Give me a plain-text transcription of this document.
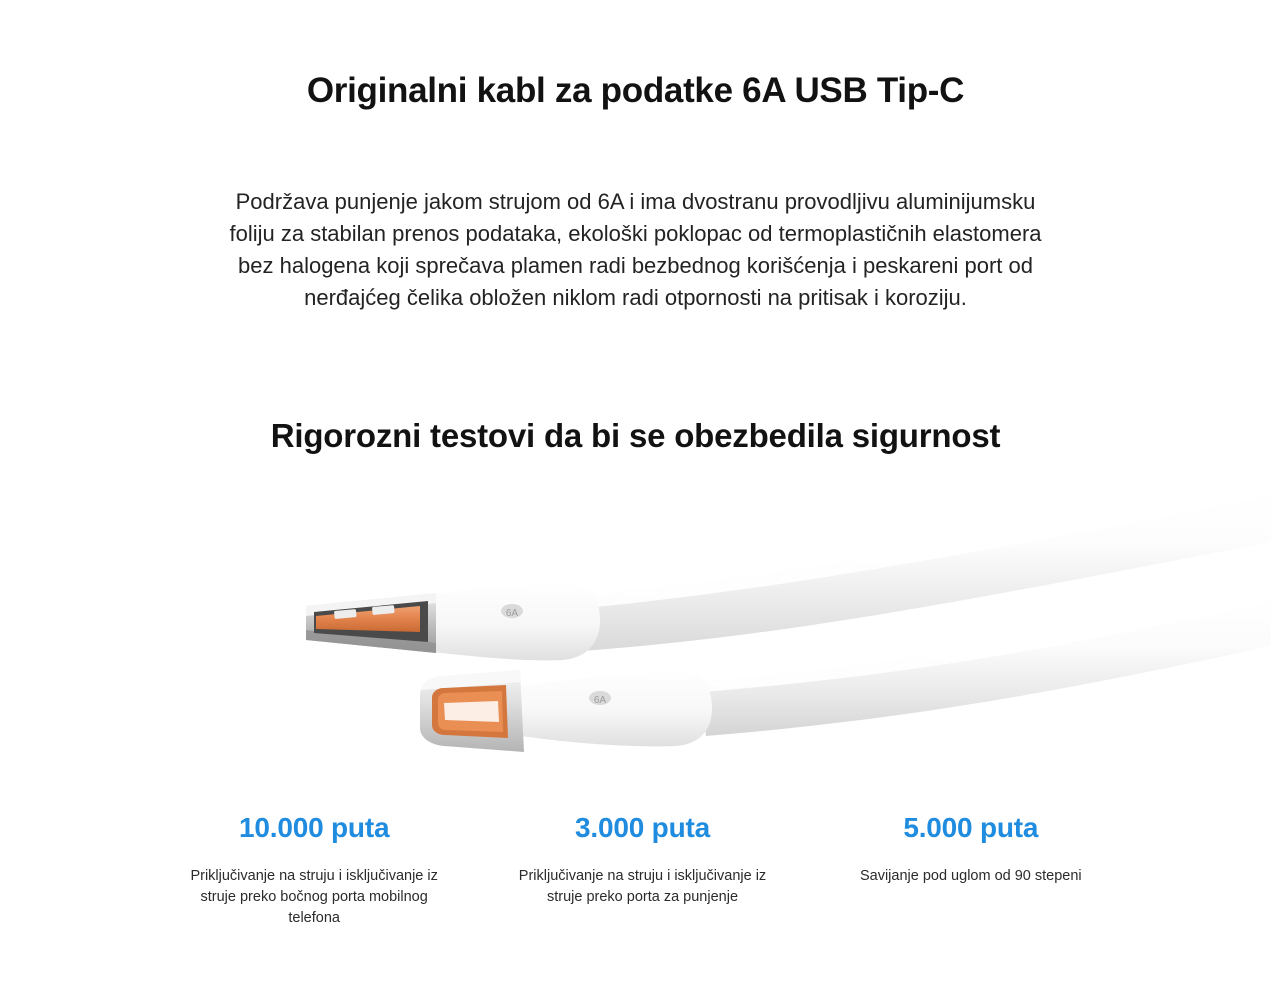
Originalni kabl za podatke 6A USB Tip-C

Podržava punjenje jakom strujom od 6A i ima dvostranu provodljivu aluminijumsku foliju za stabilan prenos podataka, ekološki poklopac od termoplastičnih elastomera bez halogena koji sprečava plamen radi bezbednog korišćenja i peskareni port od nerđajćeg čelika obložen niklom radi otpornosti na pritisak i koroziju.

Rigorozni testovi da bi se obezbedila sigurnost
6A
6A
10.000 puta
Priključivanje na struju i isključivanje iz struje preko bočnog porta mobilnog telefona
3.000 puta
Priključivanje na struju i isključivanje iz struje preko porta za punjenje
5.000 puta
Savijanje pod uglom od 90 stepeni
